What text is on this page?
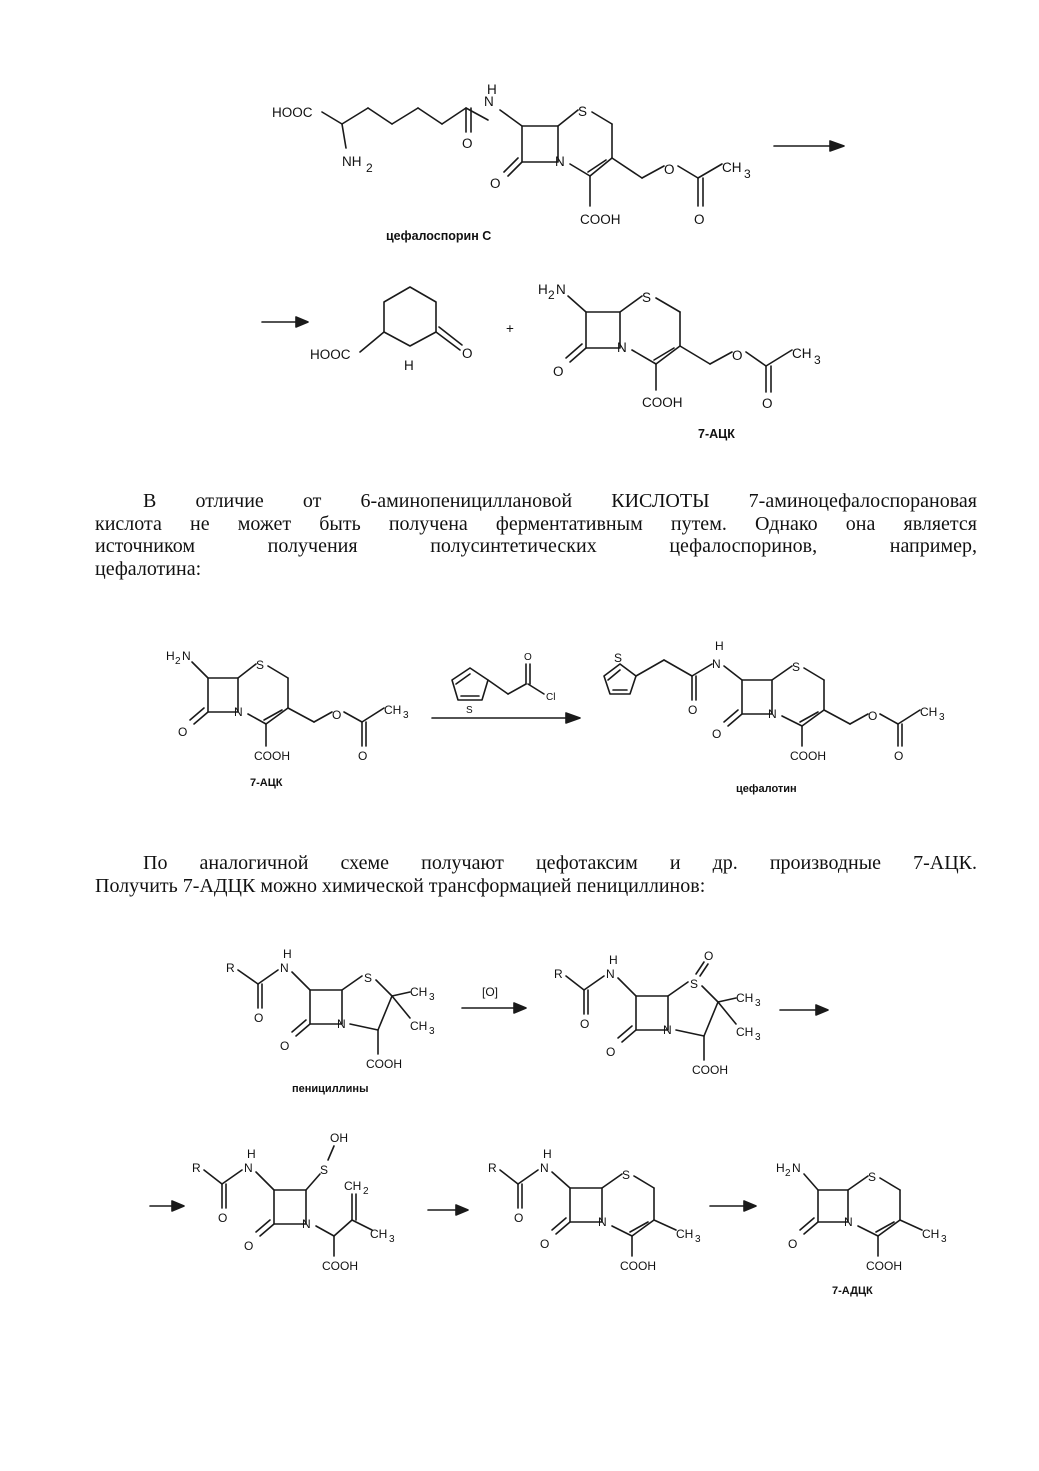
HOOC
NH 2
O
N
H
O
N
S
COOH
O	CH 3
O
цефалоспорин С
HOOC
H
O
+
H 2 N
O
N
S
COOH
O	CH 3
O
7-АЦК

В отличие от 6-аминопенициллановой КИСЛОТЫ 7-аминоцефалоспорановая
кислота не может быть получена ферментативным путем. Однако она является
источником получения полусинтетических цефалоспоринов, например,
цефалотина:

H 2 N
O
N
S
COOH
O	CH 3
O
7-АЦК
S
O
Cl
S
O
N
H
O
N
S
COOH
O	CH 3
O
цефалотин

По аналогичной схеме получают цефотаксим и др. производные 7-АЦК.
Получить 7-АДЦК можно химической трансформацией пенициллинов:

R
O
N
H
O
N
S
CH 3
CH 3
COOH
пенициллины
[O]
R
O
N
H
O
N
S
O
CH 3
CH 3
COOH
R
O
N
H
O
N
S
OH
COOH
CH 2
CH 3
R
O
N
H
O
N
S
COOH
CH 3
H 2 N
O
N
S
COOH
CH 3
7-АДЦК
